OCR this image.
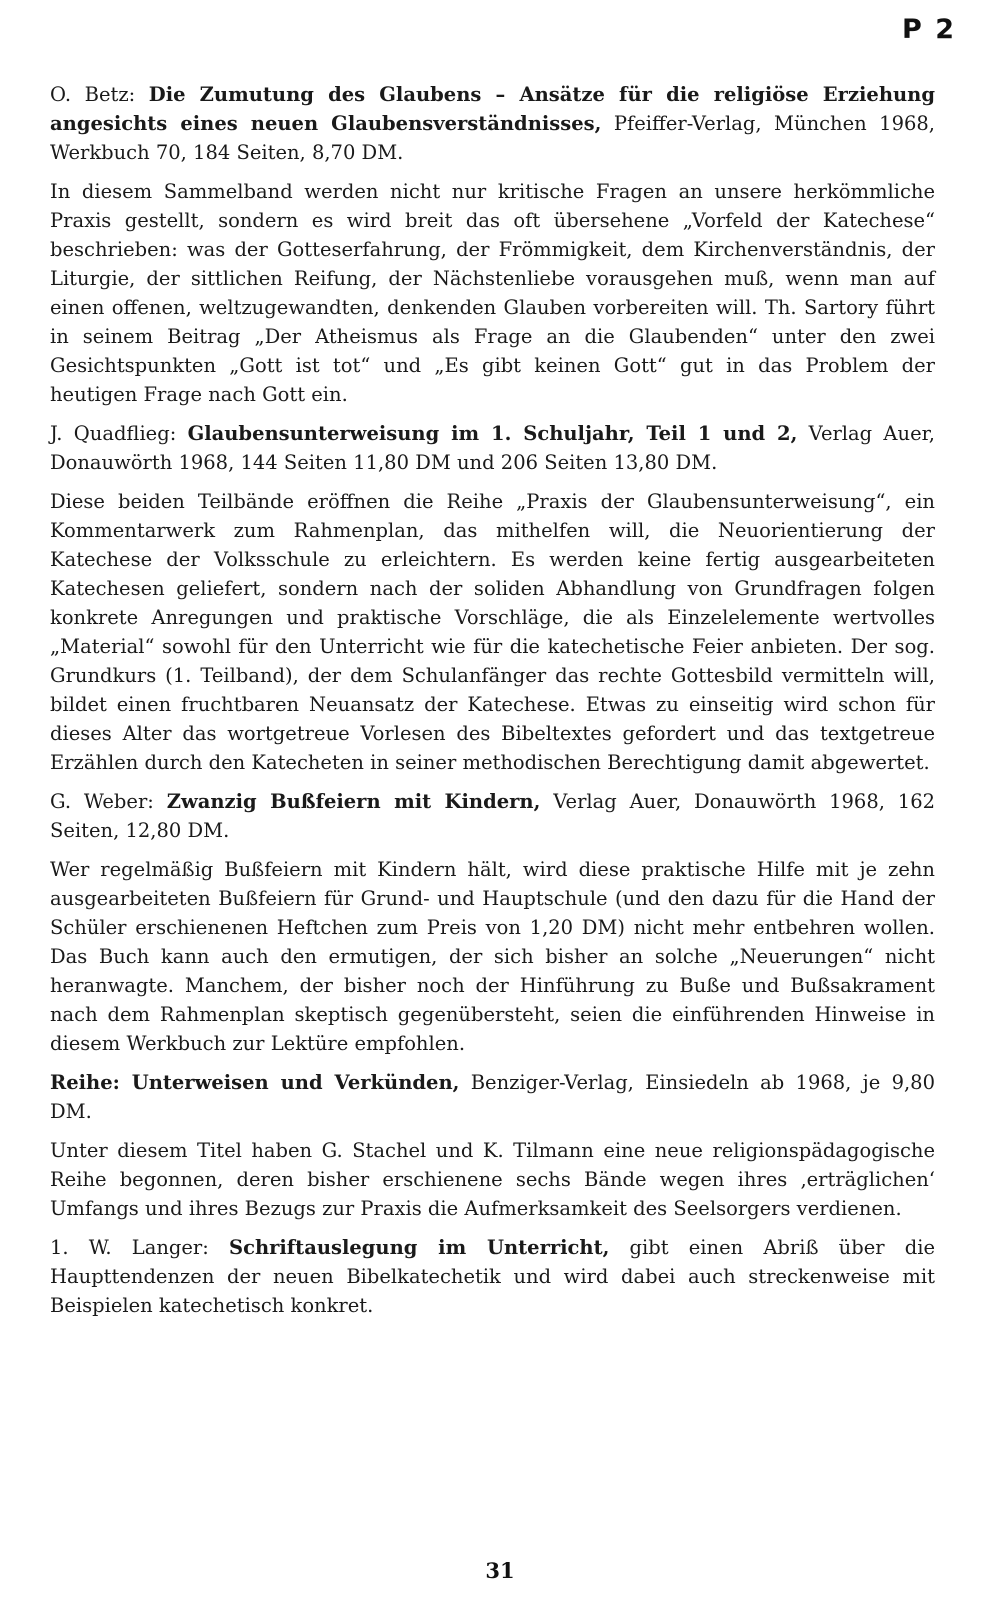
P 2

O. Betz: Die Zumutung des Glaubens – Ansätze für die religiöse Erziehung angesichts eines neuen Glaubensverständnisses, Pfeiffer-Verlag, München 1968, Werkbuch 70, 184 Seiten, 8,70 DM.

In diesem Sammelband werden nicht nur kritische Fragen an unsere herkömmliche Praxis gestellt, sondern es wird breit das oft übersehene „Vorfeld der Katechese“ beschrieben: was der Gotteserfahrung, der Frömmigkeit, dem Kirchenverständnis, der Liturgie, der sittlichen Reifung, der Nächstenliebe vorausgehen muß, wenn man auf einen offenen, weltzugewandten, denkenden Glauben vorbereiten will. Th. Sartory führt in seinem Beitrag „Der Atheismus als Frage an die Glaubenden“ unter den zwei Gesichtspunkten „Gott ist tot“ und „Es gibt keinen Gott“ gut in das Problem der heutigen Frage nach Gott ein.

J. Quadflieg: Glaubensunterweisung im 1. Schuljahr, Teil 1 und 2, Verlag Auer, Donauwörth 1968, 144 Seiten 11,80 DM und 206 Seiten 13,80 DM.

Diese beiden Teilbände eröffnen die Reihe „Praxis der Glaubensunterweisung“, ein Kommentarwerk zum Rahmenplan, das mithelfen will, die Neuorientierung der Katechese der Volksschule zu erleichtern. Es werden keine fertig ausgearbeiteten Katechesen geliefert, sondern nach der soliden Abhandlung von Grundfragen folgen konkrete Anregungen und praktische Vorschläge, die als Einzelelemente wertvolles „Material“ sowohl für den Unterricht wie für die katechetische Feier anbieten. Der sog. Grundkurs (1. Teilband), der dem Schulanfänger das rechte Gottesbild vermitteln will, bildet einen fruchtbaren Neuansatz der Katechese. Etwas zu einseitig wird schon für dieses Alter das wortgetreue Vorlesen des Bibeltextes gefordert und das textgetreue Erzählen durch den Katecheten in seiner methodischen Berechtigung damit abgewertet.

G. Weber: Zwanzig Bußfeiern mit Kindern, Verlag Auer, Donauwörth 1968, 162 Seiten, 12,80 DM.

Wer regelmäßig Bußfeiern mit Kindern hält, wird diese praktische Hilfe mit je zehn ausgearbeiteten Bußfeiern für Grund- und Hauptschule (und den dazu für die Hand der Schüler erschienenen Heftchen zum Preis von 1,20 DM) nicht mehr entbehren wollen. Das Buch kann auch den ermutigen, der sich bisher an solche „Neuerungen“ nicht heranwagte. Manchem, der bisher noch der Hinführung zu Buße und Bußsakrament nach dem Rahmenplan skeptisch gegenübersteht, seien die einführenden Hinweise in diesem Werkbuch zur Lektüre empfohlen.

Reihe: Unterweisen und Verkünden, Benziger-Verlag, Einsiedeln ab 1968, je 9,80 DM.

Unter diesem Titel haben G. Stachel und K. Tilmann eine neue religionspädagogische Reihe begonnen, deren bisher erschienene sechs Bände wegen ihres ‚erträglichen‘ Umfangs und ihres Bezugs zur Praxis die Aufmerksamkeit des Seelsorgers verdienen.

1. W. Langer: Schriftauslegung im Unterricht, gibt einen Abriß über die Haupttendenzen der neuen Bibelkatechetik und wird dabei auch streckenweise mit Beispielen katechetisch konkret.

31
